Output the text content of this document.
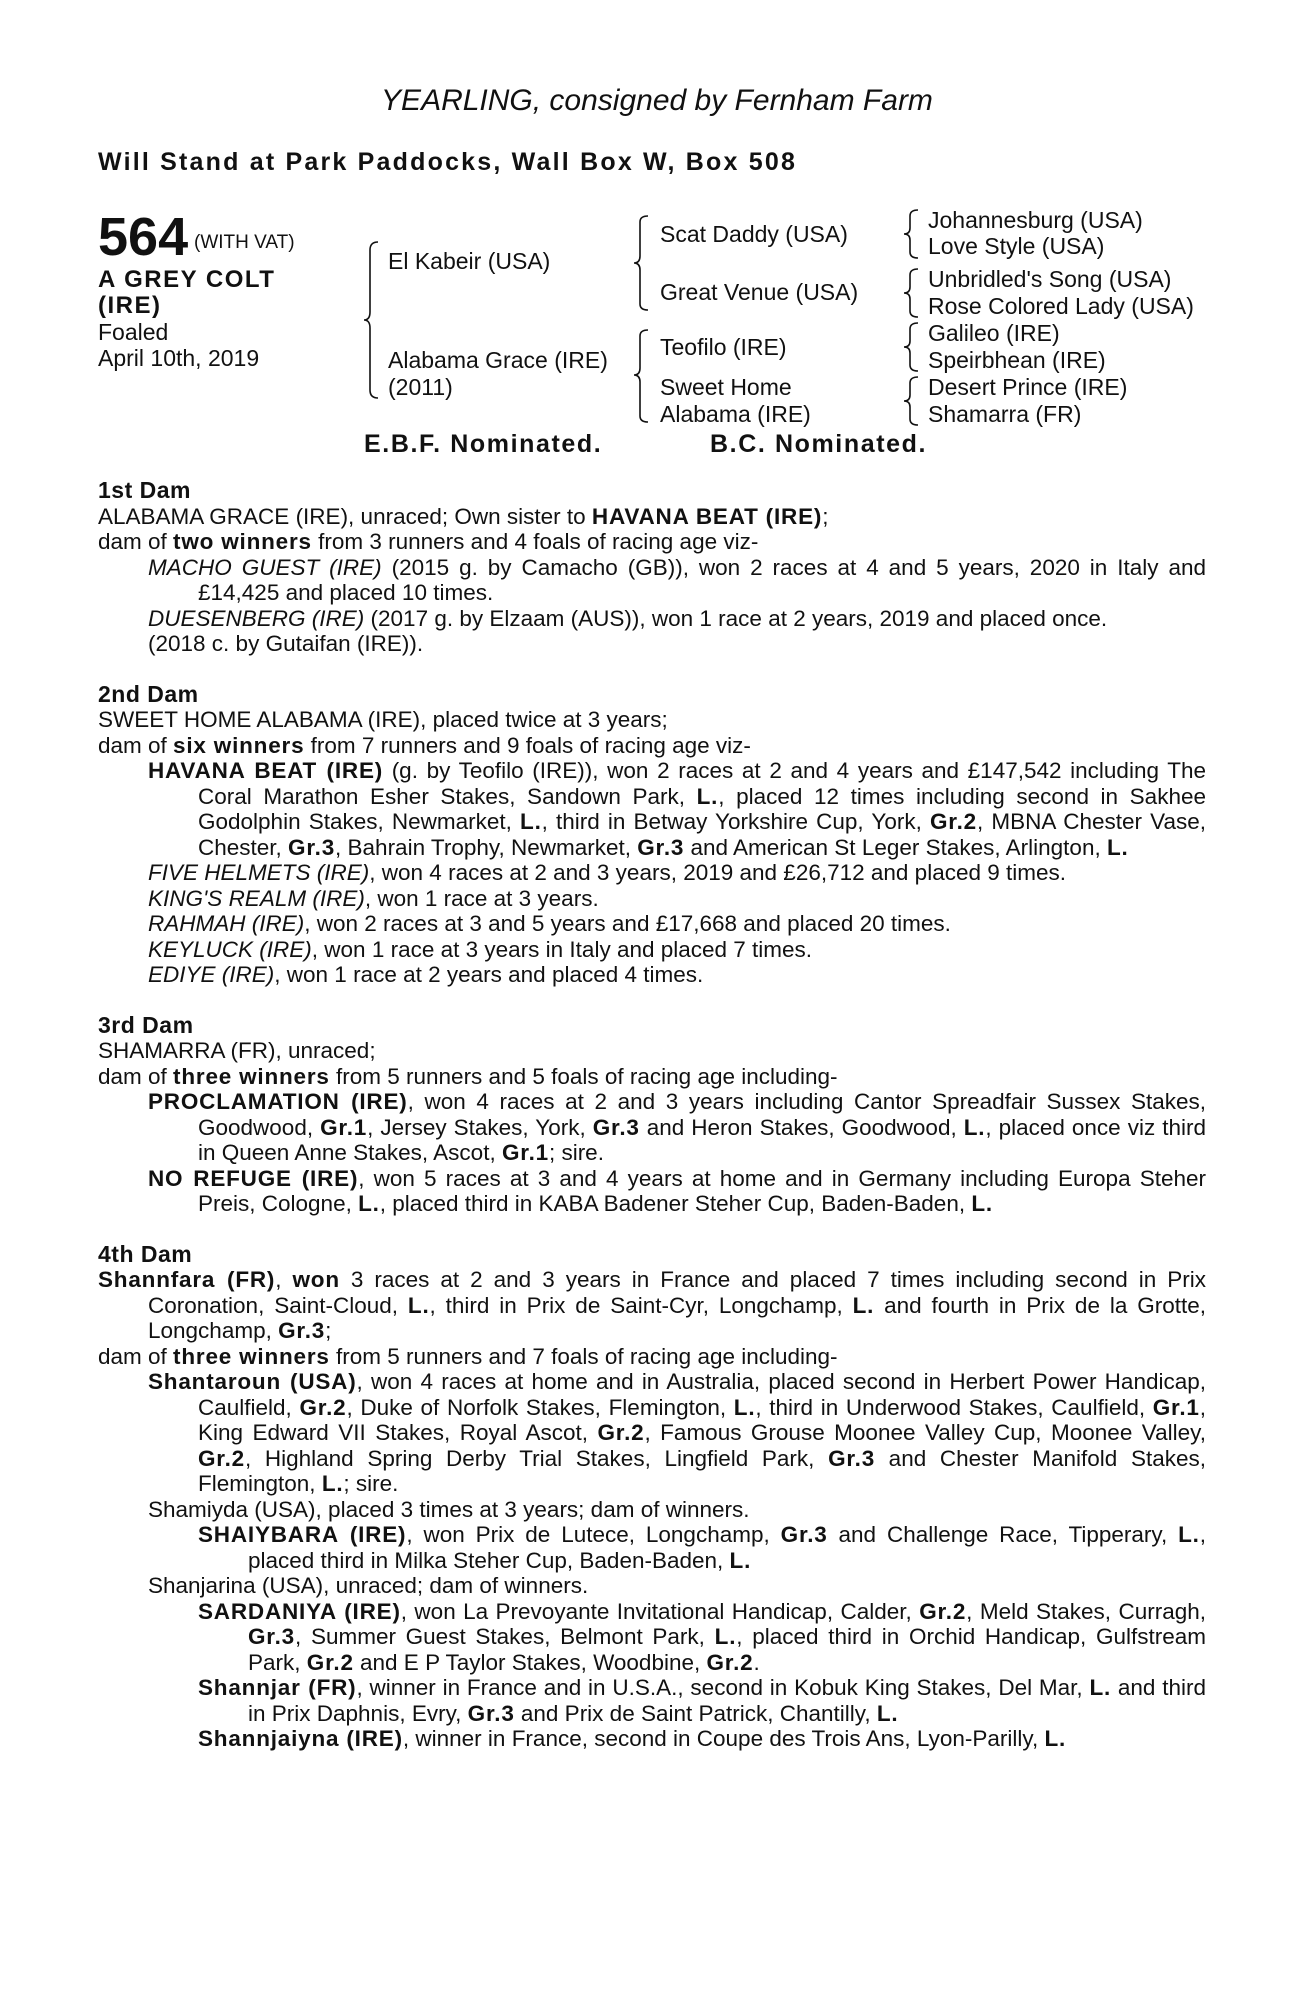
YEARLING, consigned by Fernham Farm
Will Stand at Park Paddocks, Wall Box W, Box 508
564 (WITH VAT)
A GREY COLT
(IRE)
Foaled
April 10th, 2019
El Kabeir (USA)
Alabama Grace (IRE)
(2011)
Scat Daddy (USA)
Great Venue (USA)
Teofilo (IRE)
Sweet Home
Alabama (IRE)
Johannesburg (USA)
Love Style (USA)
Unbridled's Song (USA)
Rose Colored Lady (USA)
Galileo (IRE)
Speirbhean (IRE)
Desert Prince (IRE)
Shamarra (FR)
E.B.F. Nominated.	B.C. Nominated.
1st Dam
ALABAMA GRACE (IRE), unraced; Own sister to HAVANA BEAT (IRE);
dam of two winners from 3 runners and 4 foals of racing age viz-
MACHO GUEST (IRE) (2015 g. by Camacho (GB)), won 2 races at 4 and 5 years, 2020 in Italy and £14,425 and placed 10 times.
DUESENBERG (IRE) (2017 g. by Elzaam (AUS)), won 1 race at 2 years, 2019 and placed once.
(2018 c. by Gutaifan (IRE)).
2nd Dam
SWEET HOME ALABAMA (IRE), placed twice at 3 years;
dam of six winners from 7 runners and 9 foals of racing age viz-
HAVANA BEAT (IRE) (g. by Teofilo (IRE)), won 2 races at 2 and 4 years and £147,542 including The Coral Marathon Esher Stakes, Sandown Park, L., placed 12 times including second in Sakhee Godolphin Stakes, Newmarket, L., third in Betway Yorkshire Cup, York, Gr.2, MBNA Chester Vase, Chester, Gr.3, Bahrain Trophy, Newmarket, Gr.3 and American St Leger Stakes, Arlington, L.
FIVE HELMETS (IRE), won 4 races at 2 and 3 years, 2019 and £26,712 and placed 9 times.
KING'S REALM (IRE), won 1 race at 3 years.
RAHMAH (IRE), won 2 races at 3 and 5 years and £17,668 and placed 20 times.
KEYLUCK (IRE), won 1 race at 3 years in Italy and placed 7 times.
EDIYE (IRE), won 1 race at 2 years and placed 4 times.
3rd Dam
SHAMARRA (FR), unraced;
dam of three winners from 5 runners and 5 foals of racing age including-
PROCLAMATION (IRE), won 4 races at 2 and 3 years including Cantor Spreadfair Sussex Stakes, Goodwood, Gr.1, Jersey Stakes, York, Gr.3 and Heron Stakes, Goodwood, L., placed once viz third in Queen Anne Stakes, Ascot, Gr.1; sire.
NO REFUGE (IRE), won 5 races at 3 and 4 years at home and in Germany including Europa Steher Preis, Cologne, L., placed third in KABA Badener Steher Cup, Baden-Baden, L.
4th Dam
Shannfara (FR), won 3 races at 2 and 3 years in France and placed 7 times including second in Prix Coronation, Saint-Cloud, L., third in Prix de Saint-Cyr, Longchamp, L. and fourth in Prix de la Grotte, Longchamp, Gr.3;
dam of three winners from 5 runners and 7 foals of racing age including-
Shantaroun (USA), won 4 races at home and in Australia, placed second in Herbert Power Handicap, Caulfield, Gr.2, Duke of Norfolk Stakes, Flemington, L., third in Underwood Stakes, Caulfield, Gr.1, King Edward VII Stakes, Royal Ascot, Gr.2, Famous Grouse Moonee Valley Cup, Moonee Valley, Gr.2, Highland Spring Derby Trial Stakes, Lingfield Park, Gr.3 and Chester Manifold Stakes, Flemington, L.; sire.
Shamiyda (USA), placed 3 times at 3 years; dam of winners.
SHAIYBARA (IRE), won Prix de Lutece, Longchamp, Gr.3 and Challenge Race, Tipperary, L., placed third in Milka Steher Cup, Baden-Baden, L.
Shanjarina (USA), unraced; dam of winners.
SARDANIYA (IRE), won La Prevoyante Invitational Handicap, Calder, Gr.2, Meld Stakes, Curragh, Gr.3, Summer Guest Stakes, Belmont Park, L., placed third in Orchid Handicap, Gulfstream Park, Gr.2 and E P Taylor Stakes, Woodbine, Gr.2.
Shannjar (FR), winner in France and in U.S.A., second in Kobuk King Stakes, Del Mar, L. and third in Prix Daphnis, Evry, Gr.3 and Prix de Saint Patrick, Chantilly, L.
Shannjaiyna (IRE), winner in France, second in Coupe des Trois Ans, Lyon-Parilly, L.
